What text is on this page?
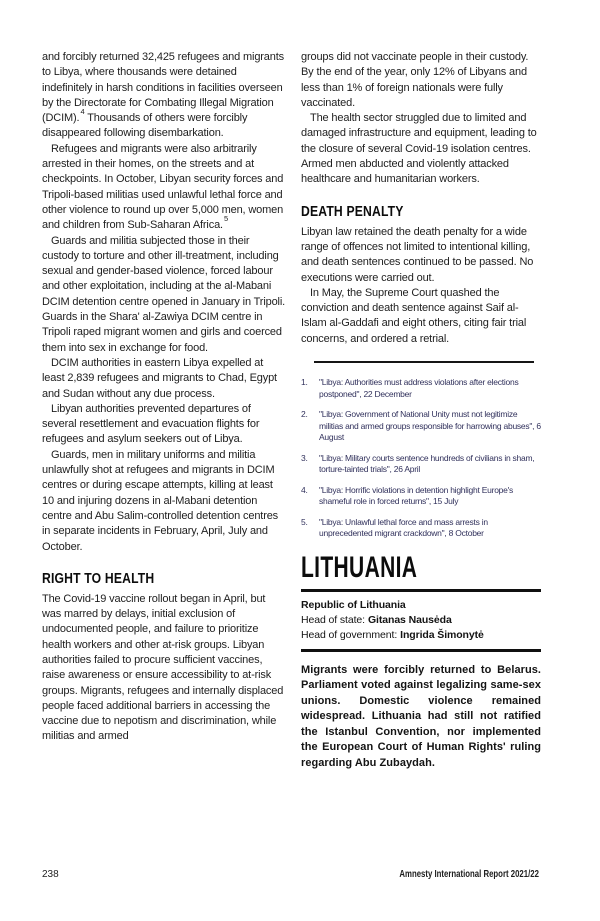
and forcibly returned 32,425 refugees and migrants to Libya, where thousands were detained indefinitely in harsh conditions in facilities overseen by the Directorate for Combating Illegal Migration (DCIM).$^4$ Thousands of others were forcibly disappeared following disembarkation.

Refugees and migrants were also arbitrarily arrested in their homes, on the streets and at checkpoints. In October, Libyan security forces and Tripoli-based militias used unlawful lethal force and other violence to round up over 5,000 men, women and children from Sub-Saharan Africa.$^5$

Guards and militia subjected those in their custody to torture and other ill-treatment, including sexual and gender-based violence, forced labour and other exploitation, including at the al-Mabani DCIM detention centre opened in January in Tripoli. Guards in the Shara' al-Zawiya DCIM centre in Tripoli raped migrant women and girls and coerced them into sex in exchange for food.

DCIM authorities in eastern Libya expelled at least 2,839 refugees and migrants to Chad, Egypt and Sudan without any due process.

Libyan authorities prevented departures of several resettlement and evacuation flights for refugees and asylum seekers out of Libya.

Guards, men in military uniforms and militia unlawfully shot at refugees and migrants in DCIM centres or during escape attempts, killing at least 10 and injuring dozens in al-Mabani detention centre and Abu Salim-controlled detention centres in separate incidents in February, April, July and October.

RIGHT TO HEALTH

The Covid-19 vaccine rollout began in April, but was marred by delays, initial exclusion of undocumented people, and failure to prioritize health workers and other at-risk groups. Libyan authorities failed to procure sufficient vaccines, raise awareness or ensure accessibility to at-risk groups. Migrants, refugees and internally displaced people faced additional barriers in accessing the vaccine due to nepotism and discrimination, while militias and armed

groups did not vaccinate people in their custody. By the end of the year, only 12% of Libyans and less than 1% of foreign nationals were fully vaccinated.

The health sector struggled due to limited and damaged infrastructure and equipment, leading to the closure of several Covid-19 isolation centres. Armed men abducted and violently attacked healthcare and humanitarian workers.

DEATH PENALTY

Libyan law retained the death penalty for a wide range of offences not limited to intentional killing, and death sentences continued to be passed. No executions were carried out.

In May, the Supreme Court quashed the conviction and death sentence against Saif al-Islam al-Gaddafi and eight others, citing fair trial concerns, and ordered a retrial.

1.	"Libya: Authorities must address violations after elections postponed", 22 December
2.	"Libya: Government of National Unity must not legitimize militias and armed groups responsible for harrowing abuses", 6 August
3.	"Libya: Military courts sentence hundreds of civilians in sham, torture-tainted trials", 26 April
4.	"Libya: Horrific violations in detention highlight Europe's shameful role in forced returns", 15 July
5.	"Libya: Unlawful lethal force and mass arrests in unprecedented migrant crackdown", 8 October
LITHUANIA
Republic of Lithuania
Head of state: Gitanas Nausėda
Head of government: Ingrida Šimonytė

Migrants were forcibly returned to Belarus. Parliament voted against legalizing same-sex unions. Domestic violence remained widespread. Lithuania had still not ratified the Istanbul Convention, nor implemented the European Court of Human Rights' ruling regarding Abu Zubaydah.

238	Amnesty International Report 2021/22
